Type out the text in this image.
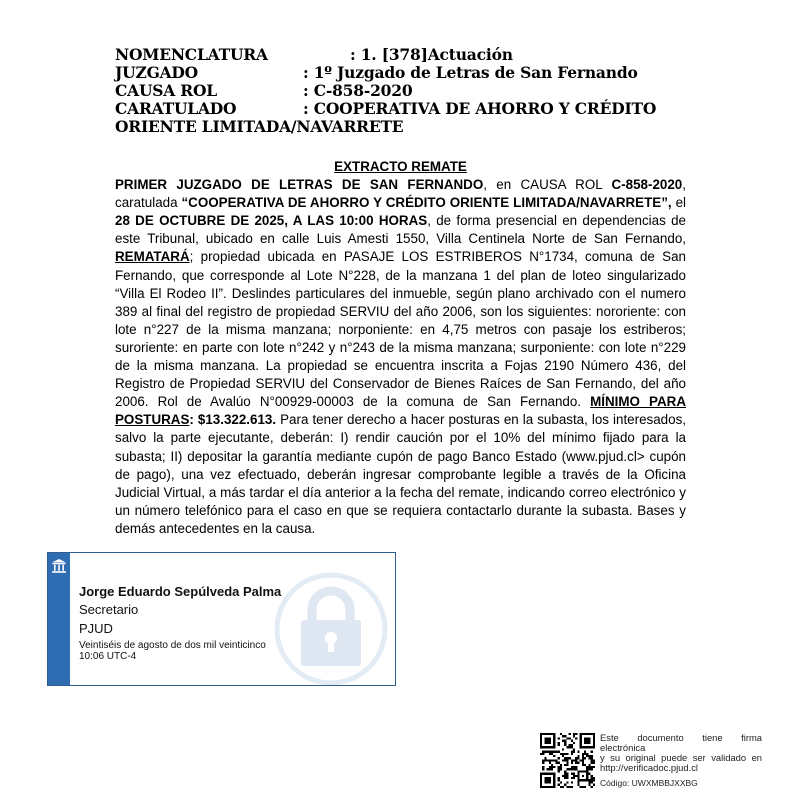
NOMENCLATURA	: 1. [378]Actuación
JUZGADO	: 1º Juzgado de Letras de San Fernando
CAUSA ROL	: C-858-2020
CARATULADO	: COOPERATIVA DE AHORRO Y CRÉDITO
ORIENTE LIMITADA/NAVARRETE
EXTRACTO REMATE
PRIMER JUZGADO DE LETRAS DE SAN FERNANDO, en CAUSA ROL C-858-2020, caratulada “COOPERATIVA DE AHORRO Y CRÉDITO ORIENTE LIMITADA/NAVARRETE”, el 28 DE OCTUBRE DE 2025, A LAS 10:00 HORAS, de forma presencial en dependencias de este Tribunal, ubicado en calle Luis Amesti 1550, Villa Centinela Norte de San Fernando, REMATARÁ; propiedad ubicada en PASAJE LOS ESTRIBEROS N°1734, comuna de San Fernando, que corresponde al Lote N°228, de la manzana 1 del plan de loteo singularizado “Villa El Rodeo II”. Deslindes particulares del inmueble, según plano archivado con el numero 389 al final del registro de propiedad SERVIU del año 2006, son los siguientes: nororiente: con lote n°227 de la misma manzana; norponiente: en 4,75 metros con pasaje los estriberos; suroriente: en parte con lote n°242 y n°243 de la misma manzana; surponiente: con lote n°229 de la misma manzana. La propiedad se encuentra inscrita a Fojas 2190 Número 436, del Registro de Propiedad SERVIU del Conservador de Bienes Raíces de San Fernando, del año 2006. Rol de Avalúo N°00929-00003 de la comuna de San Fernando. MÍNIMO PARA POSTURAS: $13.322.613. Para tener derecho a hacer posturas en la subasta, los interesados, salvo la parte ejecutante, deberán: I) rendir caución por el 10% del mínimo fijado para la subasta; II) depositar la garantía mediante cupón de pago Banco Estado (www.pjud.cl> cupón de pago), una vez efectuado, deberán ingresar comprobante legible a través de la Oficina Judicial Virtual, a más tardar el día anterior a la fecha del remate, indicando correo electrónico y un número telefónico para el caso en que se requiera contactarlo durante la subasta. Bases y demás antecedentes en la causa.
Jorge Eduardo Sepúlveda Palma
Secretario
PJUD
Veintiséis de agosto de dos mil veinticinco
10:06 UTC-4
Este documento tiene firma electrónica
y su original puede ser validado en
http://verificadoc.pjud.cl
Código: UWXMBBJXXBG
